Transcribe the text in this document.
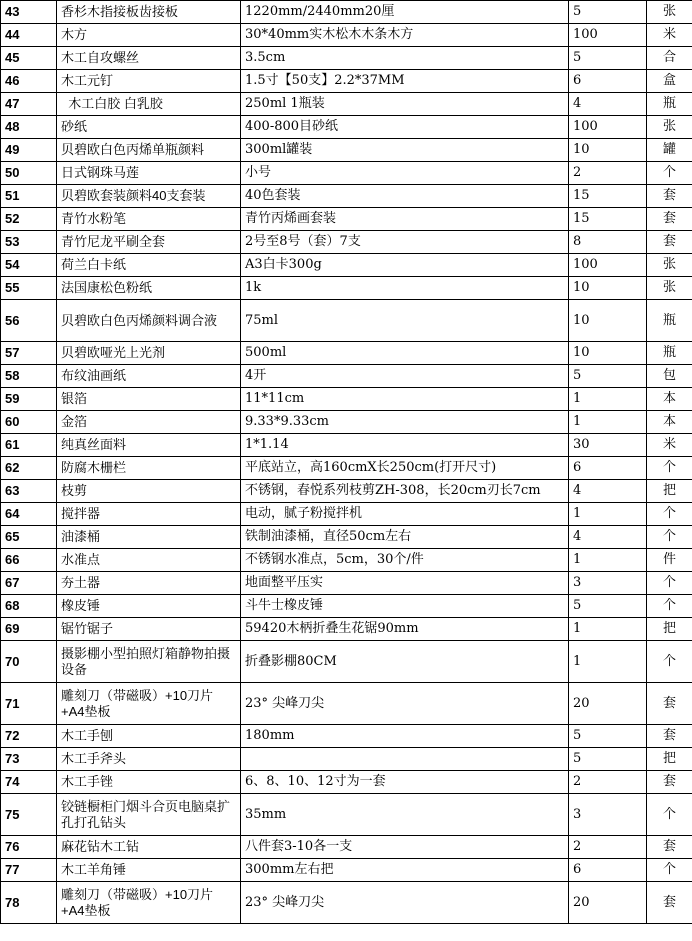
43	香杉木指接板齿接板	1220mm/2440mm20厘	5	张
44	木方	30*40mm实木松木木条木方	100	米
45	木工自攻螺丝	3.5cm	5	合
46	木工元钉	1.5寸【50支】2.2*37MM	6	盒
47	木工白胶 白乳胶	250ml 1瓶装	4	瓶
48	砂纸	400-800目砂纸	100	张
49	贝碧欧白色丙烯单瓶颜料	300ml罐装	10	罐
50	日式钢珠马莲	小号	2	个
51	贝碧欧套装颜料40支套装	40色套装	15	套
52	青竹水粉笔	青竹丙烯画套装	15	套
53	青竹尼龙平刷全套	2号至8号（套）7支	8	套
54	荷兰白卡纸	A3白卡300g	100	张
55	法国康松色粉纸	1k	10	张
56	贝碧欧白色丙烯颜料调合液	75ml	10	瓶
57	贝碧欧哑光上光剂	500ml	10	瓶
58	布纹油画纸	4开	5	包
59	银箔	11*11cm	1	本
60	金箔	9.33*9.33cm	1	本
61	纯真丝面料	1*1.14	30	米
62	防腐木栅栏	平底站立，高160cmX长250cm(打开尺寸)	6	个
63	枝剪	不锈钢，春悦系列枝剪ZH-308，长20cm刃长7cm	4	把
64	搅拌器	电动，腻子粉搅拌机	1	个
65	油漆桶	铁制油漆桶，直径50cm左右	4	个
66	水准点	不锈钢水准点，5cm，30个/件	1	件
67	夯土器	地面整平压实	3	个
68	橡皮锤	斗牛士橡皮锤	5	个
69	锯竹锯子	59420木柄折叠生花锯90mm	1	把
70	摄影棚小型拍照灯箱静物拍摄设备	折叠影棚80CM	1	个
71	雕刻刀（带磁吸）+10刀片+A4垫板	23° 尖峰刀尖	20	套
72	木工手刨	180mm	5	套
73	木工手斧头		5	把
74	木工手锉	6、8、10、12寸为一套	2	套
75	铰链橱柜门烟斗合页电脑桌扩孔打孔钻头	35mm	3	个
76	麻花钻木工钻	八件套3-10各一支	2	套
77	木工羊角锤	300mm左右把	6	个
78	雕刻刀（带磁吸）+10刀片+A4垫板	23° 尖峰刀尖	20	套
